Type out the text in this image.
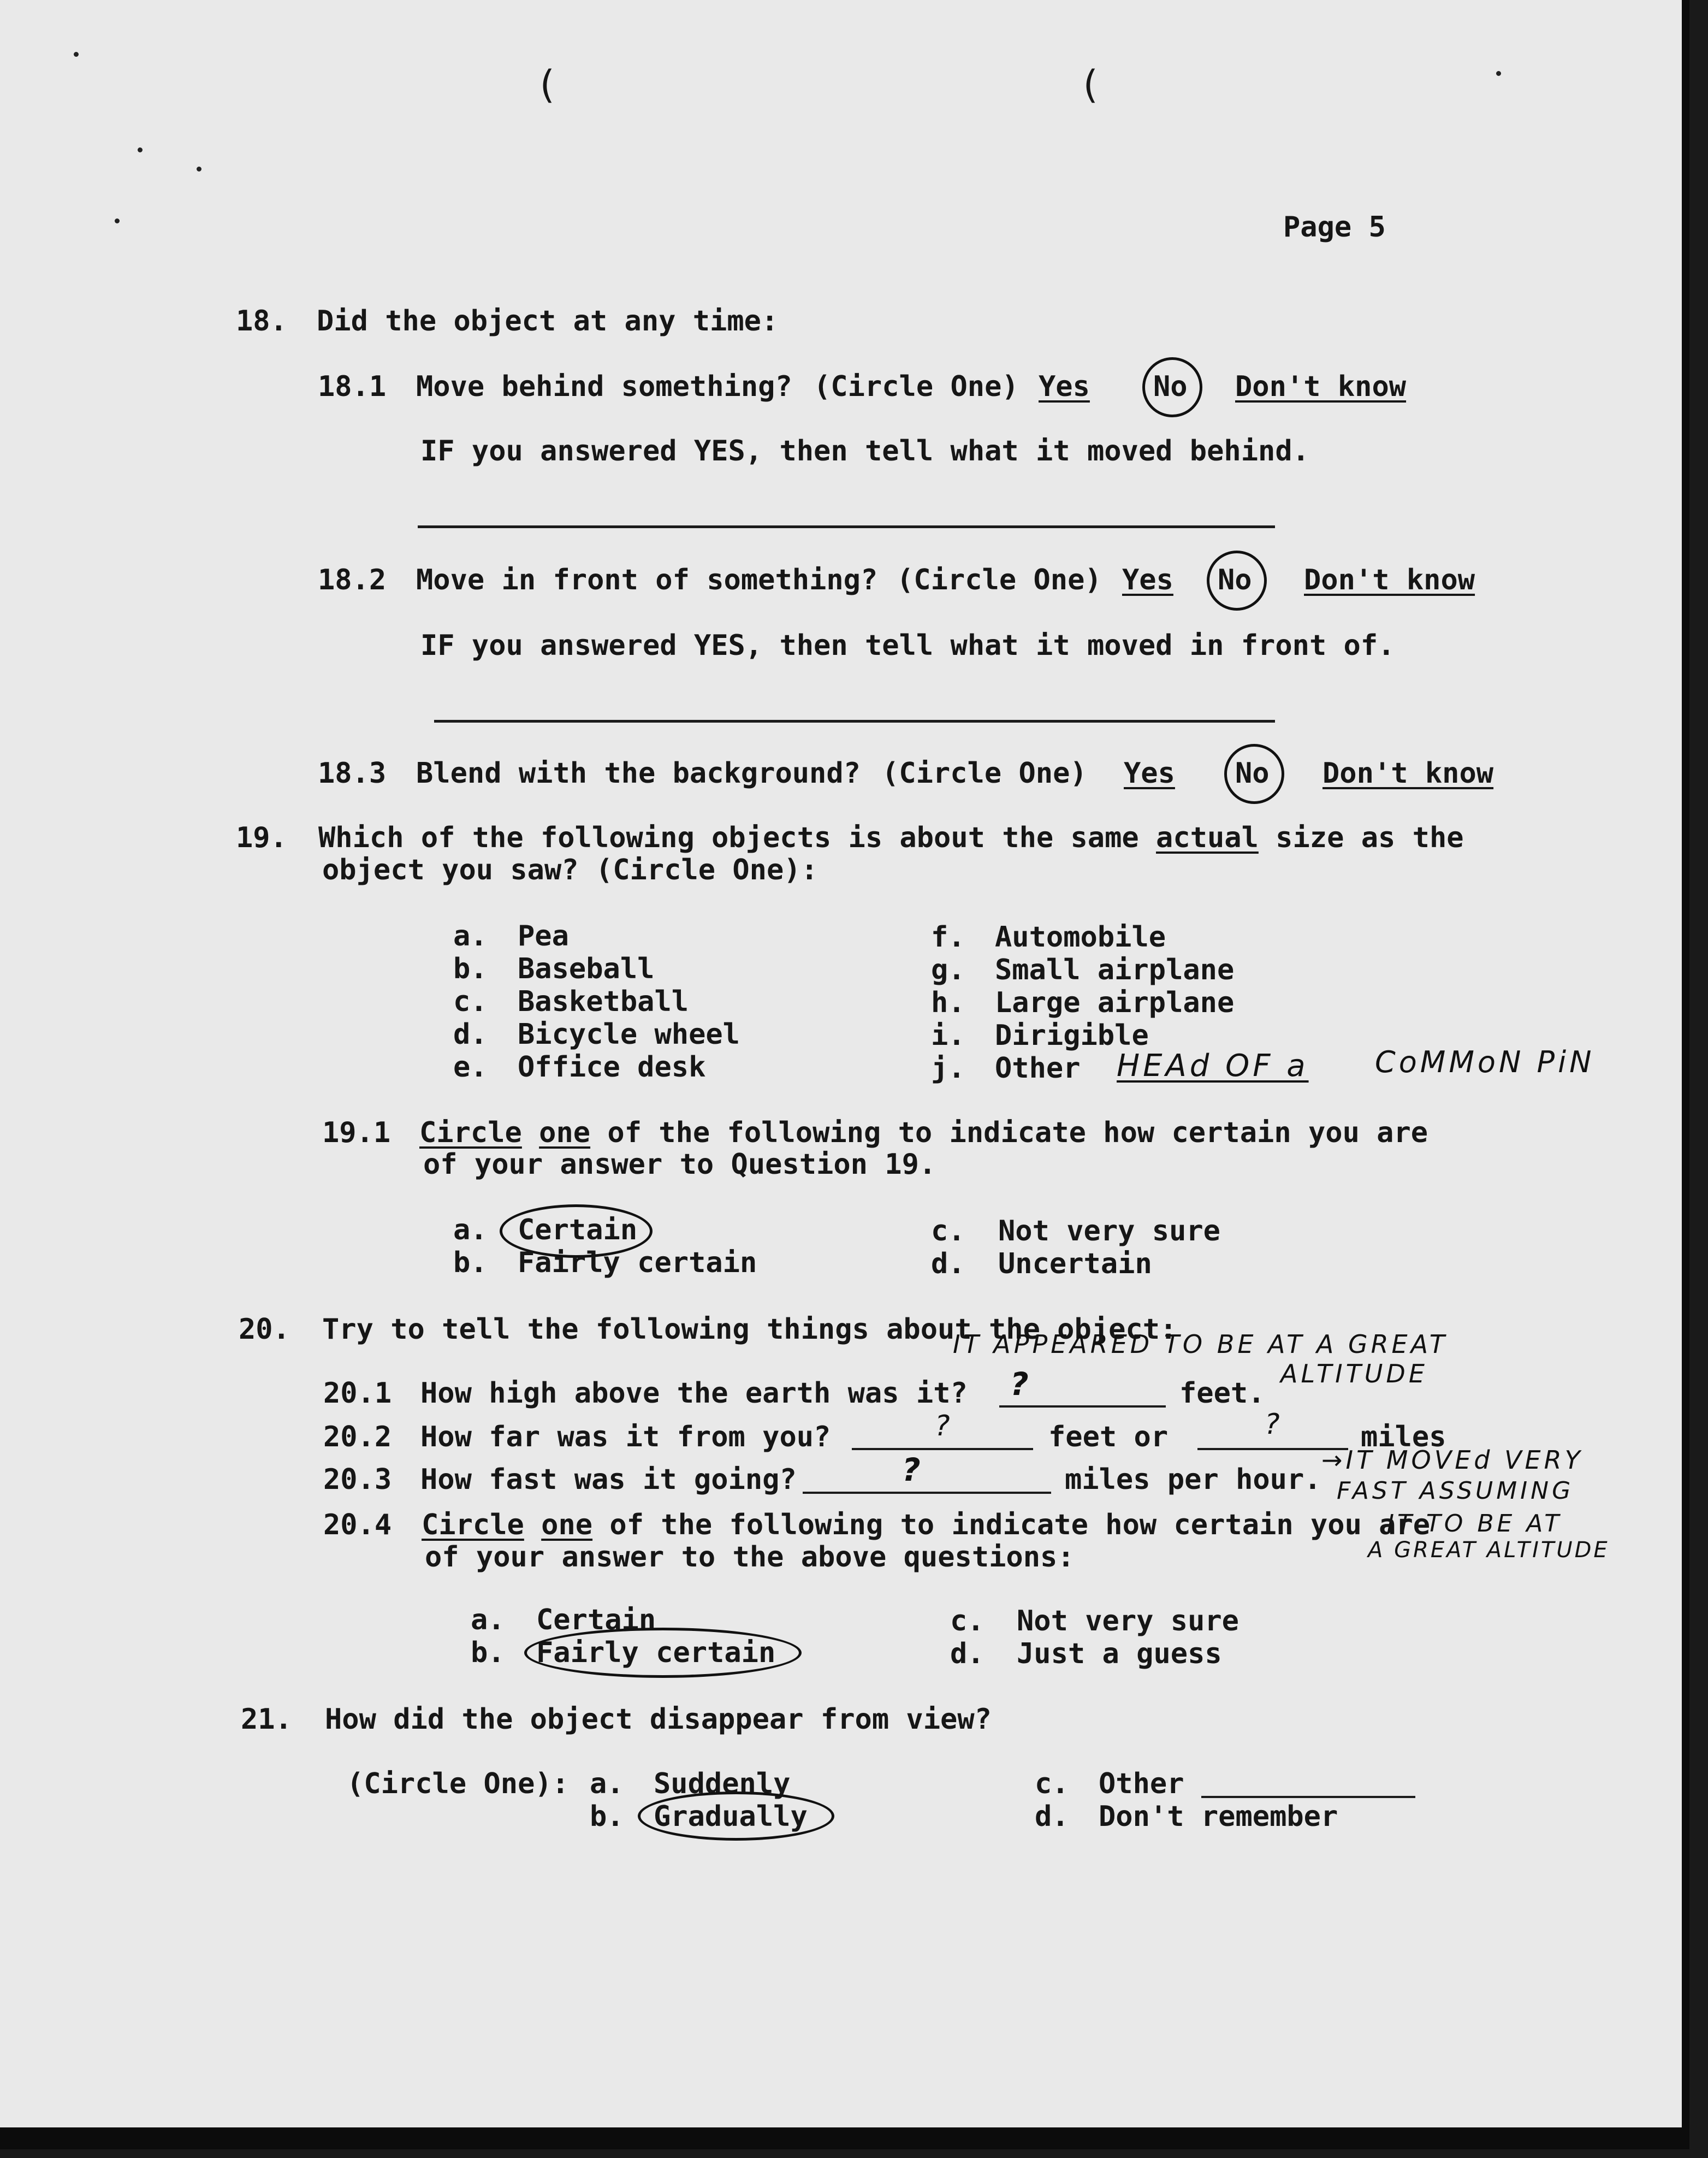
(	(
Page 5
18. Did the object at any time:
18.1 Move behind something? (Circle One) Yes No Don't know
IF you answered YES, then tell what it moved behind.
18.2 Move in front of something? (Circle One) Yes No Don't know
IF you answered YES, then tell what it moved in front of.
18.3 Blend with the background? (Circle One) Yes No Don't know
19. Which of the following objects is about the same actual size as the
object you saw? (Circle One):
a. Pea
b. Baseball
c. Basketball
d. Bicycle wheel
e. Office desk
f. Automobile
g. Small airplane
h. Large airplane
i. Dirigible
j. Other HEAd OF a CoMMoN PiN
19.1 Circle one of the following to indicate how certain you are
of your answer to Question 19.
a. Certain
b. Fairly certain
c. Not very sure
d. Uncertain
20. Try to tell the following things about the object:
IT APPEARED TO BE AT A GREAT
ALTITUDE
20.1 How high above the earth was it? ?	feet.
20.2 How far was it from you?	?	feet or	?	miles
20.3 How fast was it going?	?	miles per hour.
→IT MOVEd VERY
FAST ASSUMING
IT TO BE AT
A GREAT ALTITUDE
20.4 Circle one of the following to indicate how certain you are
of your answer to the above questions:
a. Certain
b. Fairly certain
c. Not very sure
d. Just a guess
21. How did the object disappear from view?
(Circle One): a. Suddenly
b. Gradually
c. Other
d. Don't remember
